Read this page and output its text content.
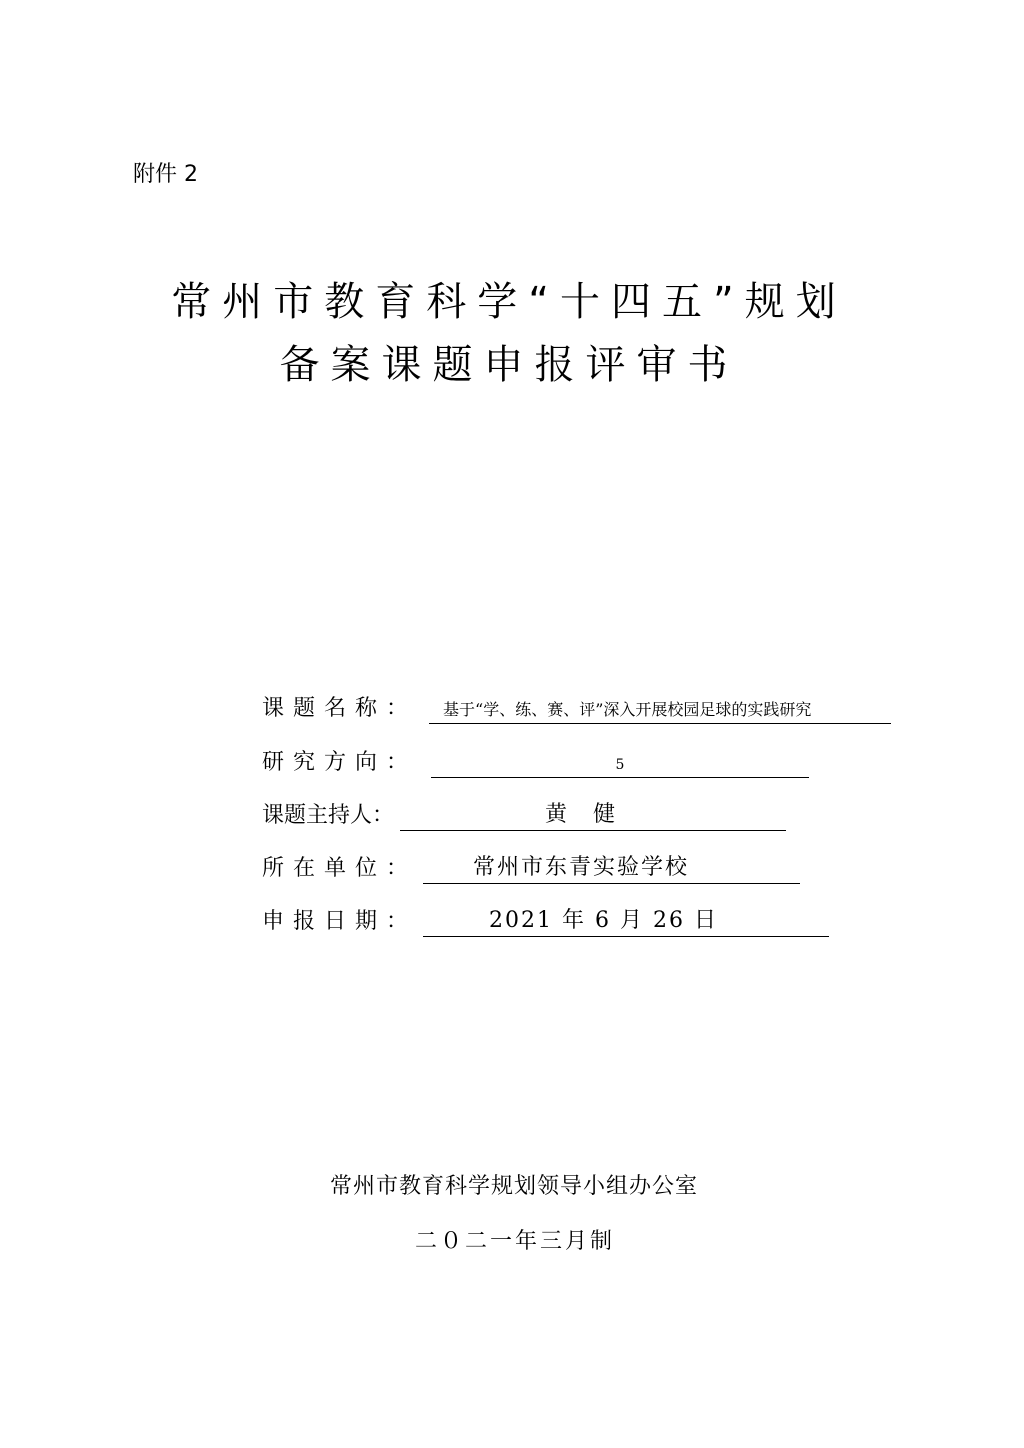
附件 2
常州市教育科学“十四五”规划
备案课题申报评审书
课题名称：	基于“学、练、赛、评”深入开展校园足球的实践研究
研究方向：	5
课题主持人：	黄健
所在单位：	常州市东青实验学校
申报日期：	2021 年 6 月 26 日
常州市教育科学规划领导小组办公室
二０二一年三月制
